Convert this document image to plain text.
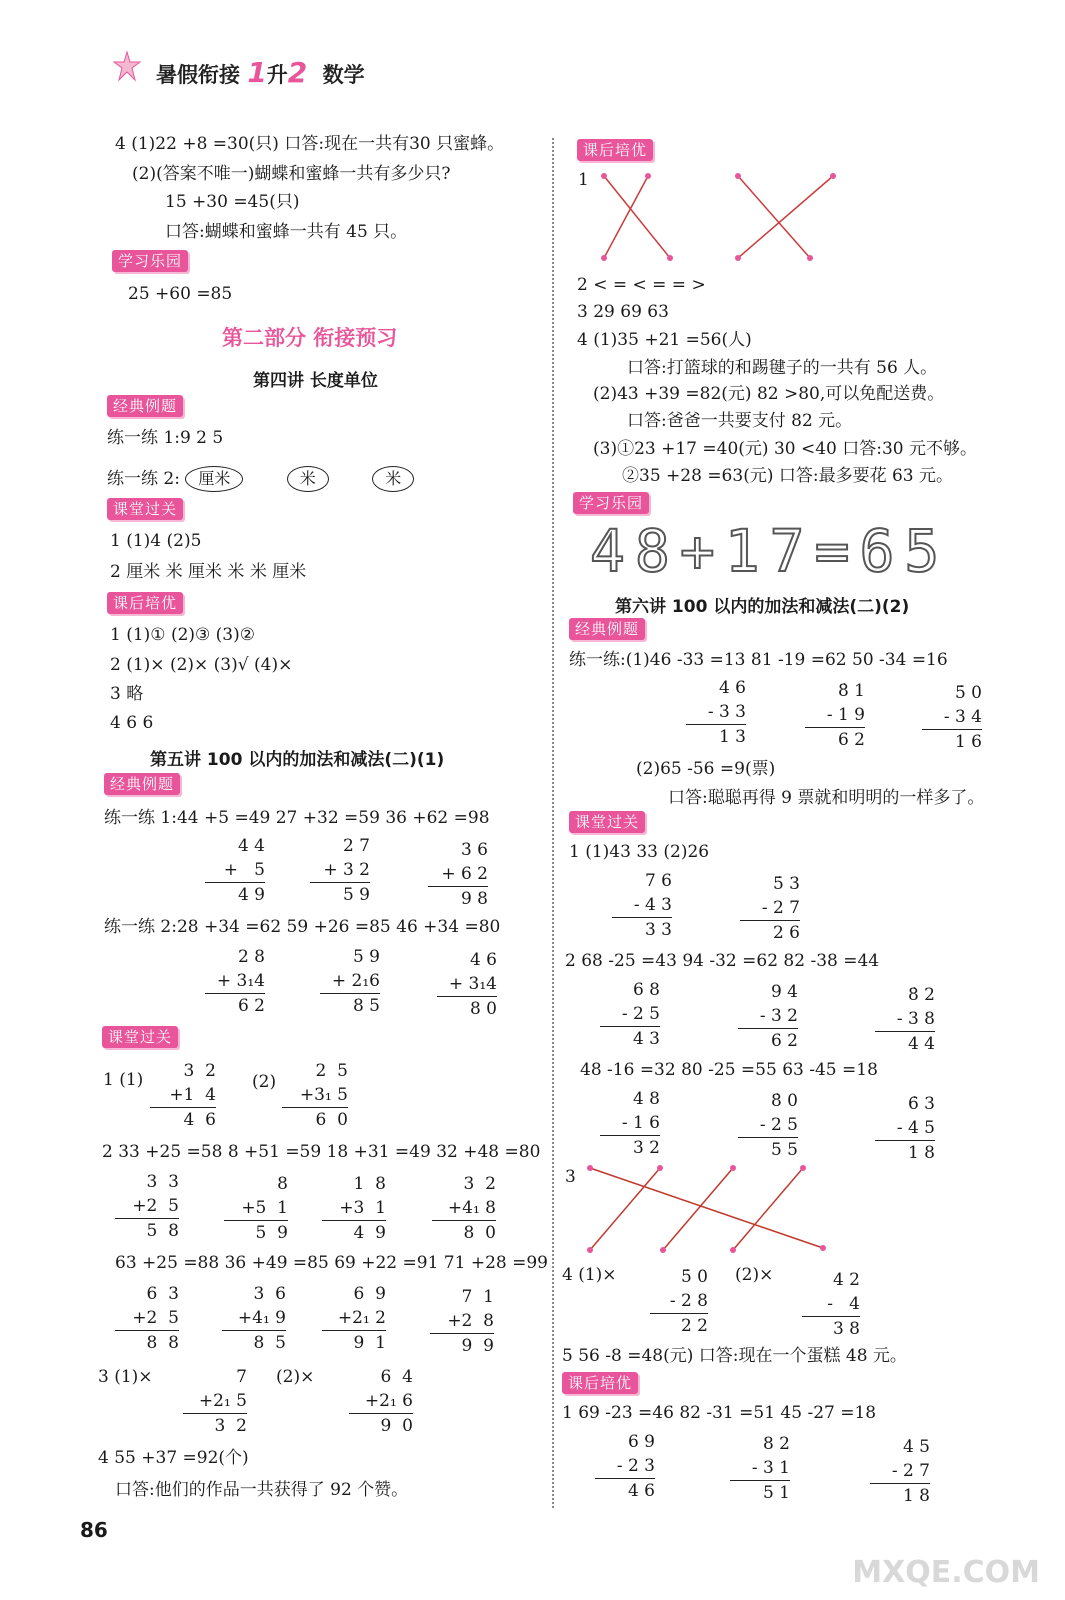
暑假衔接 1升2 数学
4 (1)22 +8 =30(只) 口答:现在一共有30 只蜜蜂。
(2)(答案不唯一)蝴蝶和蜜蜂一共有多少只?
15 +30 =45(只)
口答:蝴蝶和蜜蜂一共有 45 只。
学习乐园
25 +60 =85
第二部分 衔接预习
第四讲 长度单位
经典例题
练一练 1:9 2 5
练一练 2: 厘米	米	米
课堂过关
1 (1)4 (2)5
2 厘米 米 厘米 米 米 厘米
课后培优
1 (1)① (2)③ (3)②
2 (1)× (2)× (3)√ (4)×
3 略
4 6 6
第五讲 100 以内的加法和减法(二)(1)
经典例题
练一练 1:44 +5 =49 27 +32 =59 36 +62 =98
4 4
+   5
4 9
2 7
+ 3 2
5 9
3 6
+ 6 2
9 8
练一练 2:28 +34 =62 59 +26 =85 46 +34 =80
2 8
+ 3₁4
6 2
5 9
+ 2₁6
8 5
4 6
+ 3₁4
8 0
课堂过关
1 (1)	3  2
+1  4
4  6
(2)
2  5
+3₁ 5
6  0
2 33 +25 =58 8 +51 =59 18 +31 =49 32 +48 =80
3  3
+2  5
5  8
8
+5  1
5  9
1  8
+3  1
4  9
3  2
+4₁ 8
8  0
63 +25 =88 36 +49 =85 69 +22 =91 71 +28 =99
6  3
+2  5
8  8
3  6
+4₁ 9
8  5
6  9
+2₁ 2
9  1
7  1
+2  8
9  9
3 (1)×	7
+2₁ 5
3  2
(2)×	6  4
+2₁ 6
9  0
4 55 +37 =92(个)
口答:他们的作品一共获得了 92 个赞。
86
课后培优
1
2 < = < = = >
3 29 69 63
4 (1)35 +21 =56(人)
口答:打篮球的和踢毽子的一共有 56 人。
(2)43 +39 =82(元) 82 >80,可以免配送费。
口答:爸爸一共要支付 82 元。
(3)①23 +17 =40(元) 30 <40 口答:30 元不够。
②35 +28 =63(元) 口答:最多要花 63 元。
学习乐园
48+17=65
第六讲 100 以内的加法和减法(二)(2)
经典例题
练一练:(1)46 -33 =13 81 -19 =62 50 -34 =16
4 6
- 3 3
1 3
8̇ 1
- 1 9
6 2
5̇ 0
- 3 4
1 6
(2)65 -56 =9(票)
口答:聪聪再得 9 票就和明明的一样多了。
课堂过关
1 (1)43 33 (2)26
7 6
- 4 3
3 3
5̇ 3
- 2 7
2 6
2 68 -25 =43 94 -32 =62 82 -38 =44
6 8
- 2 5
4 3
9 4
- 3 2
6 2
8̇ 2
- 3 8
4 4
48 -16 =32 80 -25 =55 63 -45 =18
4 8
- 1 6
3 2
8̇ 0
- 2 5
5 5
6̇ 3
- 4 5
1 8
3
4 (1)×	5̇ 0
- 2 8
2 2
(2)×	4 2
-   4
3 8
5 56 -8 =48(元) 口答:现在一个蛋糕 48 元。
课后培优
1 69 -23 =46 82 -31 =51 45 -27 =18
6 9
- 2 3
4 6
8 2
- 3 1
5 1
4̇ 5
- 2 7
1 8
MXQE.COM
